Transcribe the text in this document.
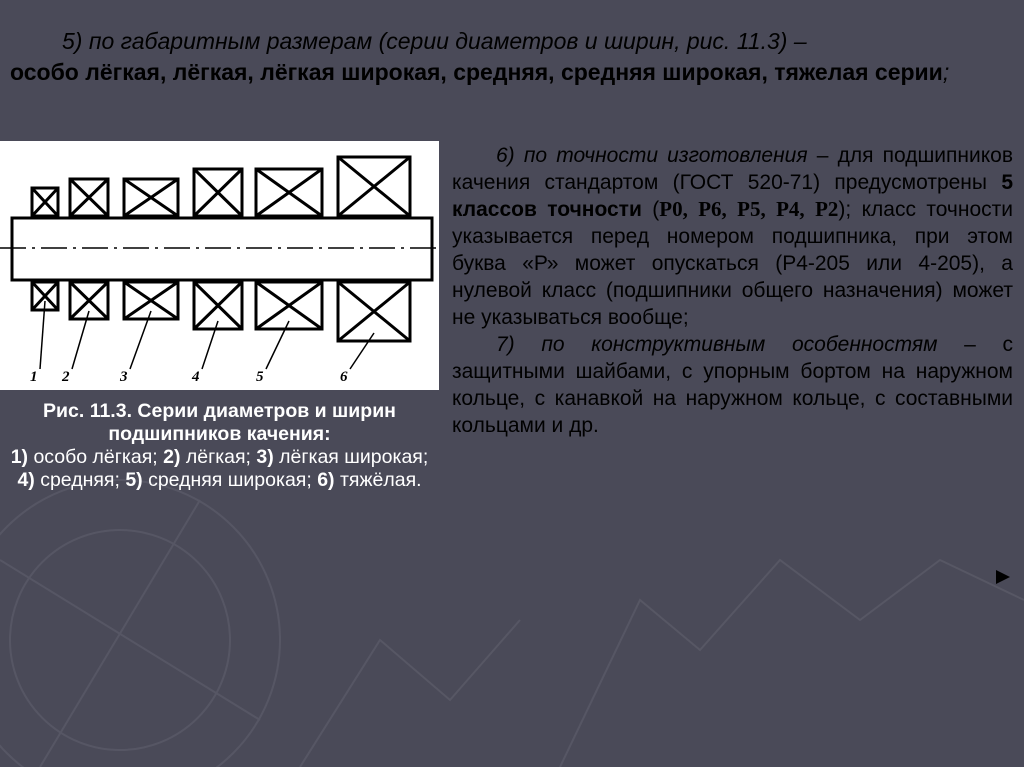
5) по габаритным размерам (серии диаметров и ширин, рис. 11.3) –
особо лёгкая, лёгкая, лёгкая широкая, средняя, средняя широкая, тяжелая серии;
1 2	3	4	5	6
Рис. 11.3. Серии диаметров и ширин подшипников качения:
1) особо лёгкая; 2) лёгкая; 3) лёгкая широкая; 4) средняя; 5) средняя широкая; 6) тяжёлая.

6) по точности изготовления – для подшипников качения стандартом (ГОСТ 520-71) предусмотрены 5 классов точности (Р0, Р6, Р5, Р4, Р2); класс точности указывается перед номером подшипника, при этом буква «Р» может опускаться (Р4-205 или 4-205), а нулевой класс (подшипники общего назначения) может не указываться вообще;

7) по конструктивным особенностям – с защитными шайбами, с упорным бортом на наружном кольце, с канавкой на наружном кольце, с составными кольцами и др.
